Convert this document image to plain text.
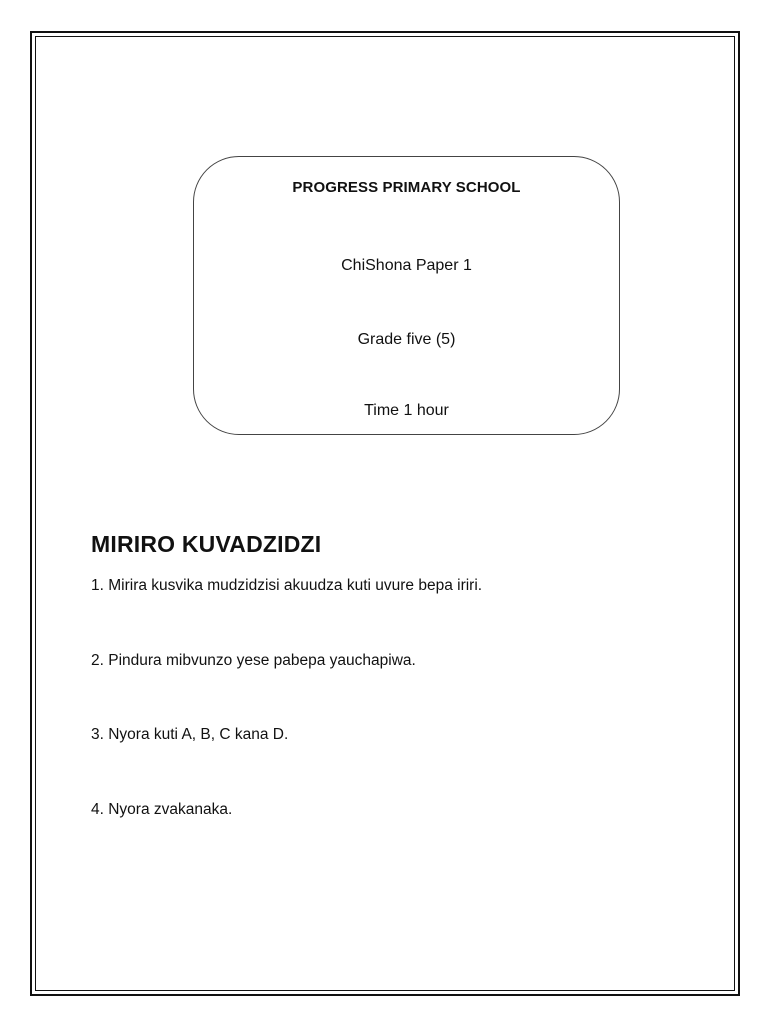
PROGRESS PRIMARY SCHOOL
ChiShona Paper 1
Grade five (5)
Time 1 hour
MIRIRO KUVADZIDZI
1. Mirira kusvika mudzidzisi akuudza kuti uvure bepa iriri.
2. Pindura mibvunzo yese pabepa yauchapiwa.
3. Nyora kuti A, B, C kana D.
4. Nyora zvakanaka.
